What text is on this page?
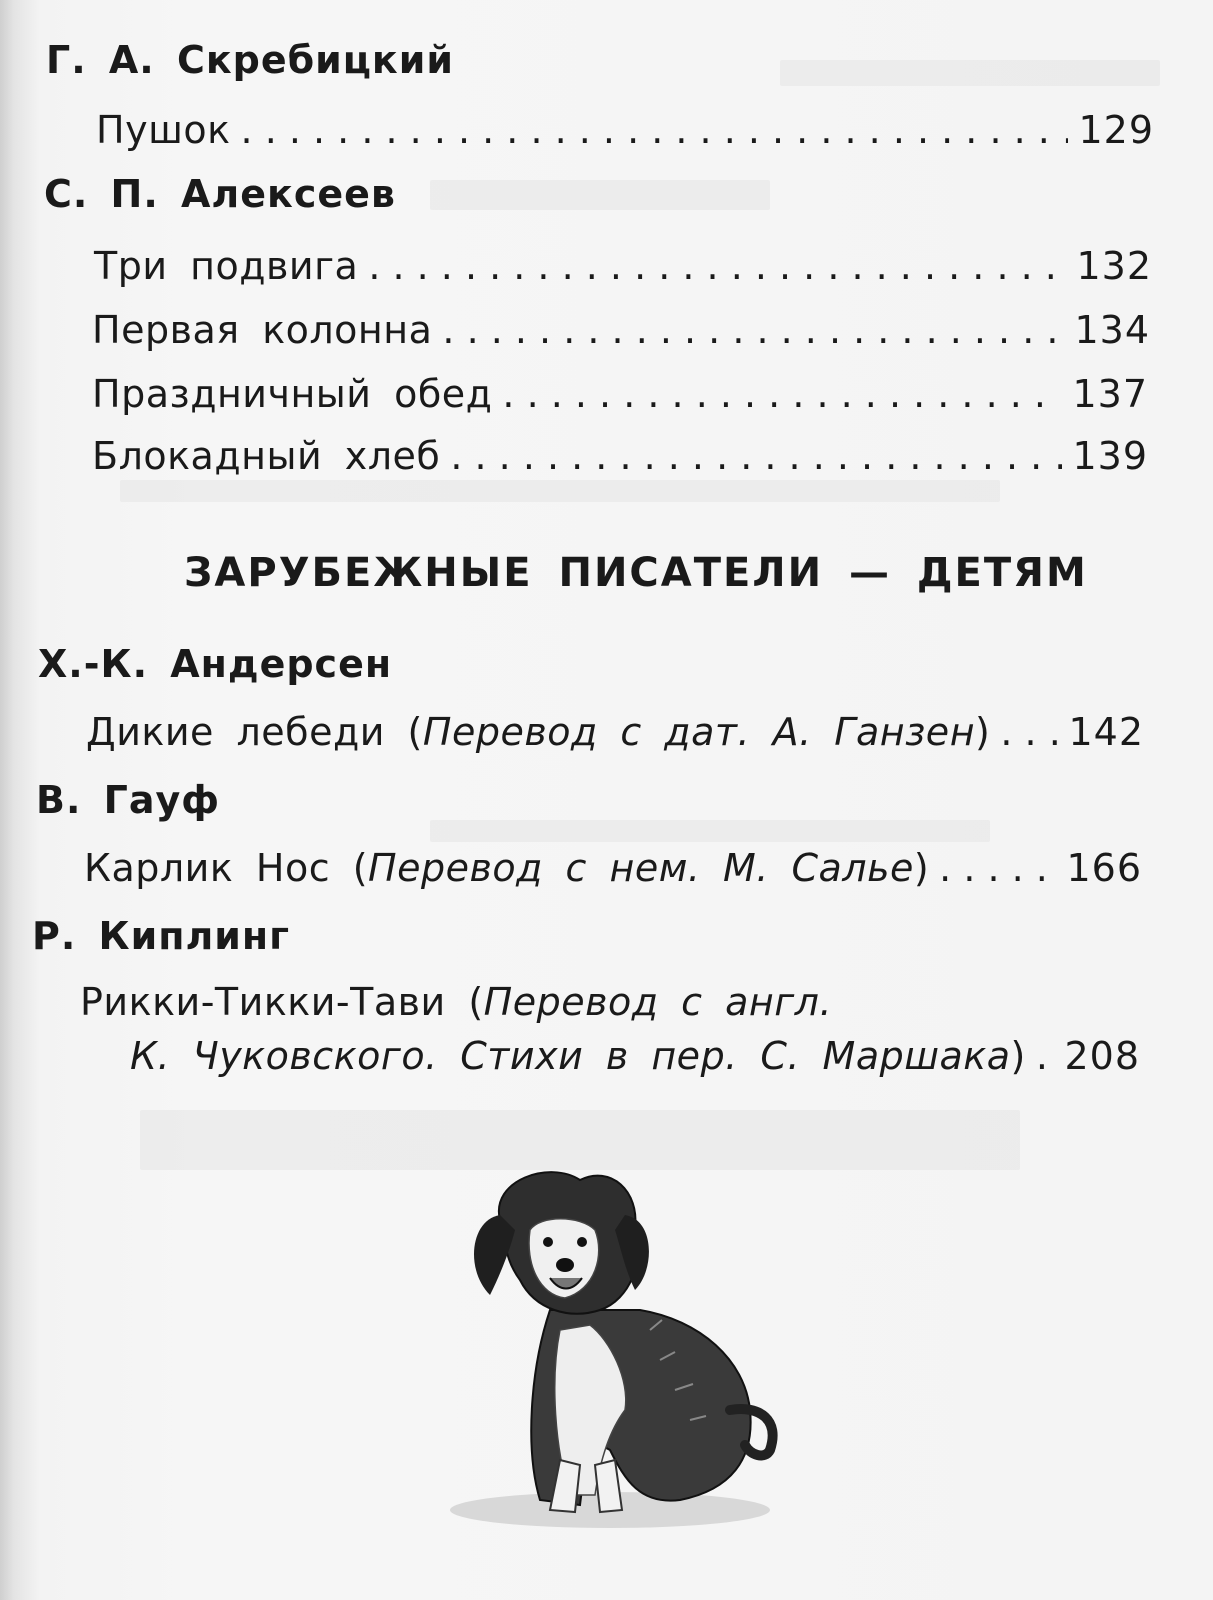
Г. А. Скребицкий
Пушок . . .	129
С. П. Алексеев
Три подвига . . .	132
Первая колонна . . .	134
Праздничный обед . . .	137
Блокадный хлеб . . .	139
ЗАРУБЕЖНЫЕ ПИСАТЕЛИ — ДЕТЯМ
Х.-К. Андерсен
Дикие лебеди (Перевод с дат. А. Ганзен) . . . 142
В. Гауф
Карлик Нос (Перевод с нем. М. Салье) . . .	166
Р. Киплинг
Рикки-Тикки-Тави (Перевод с англ.
К. Чуковского. Стихи в пер. С. Маршака) . . . 208
